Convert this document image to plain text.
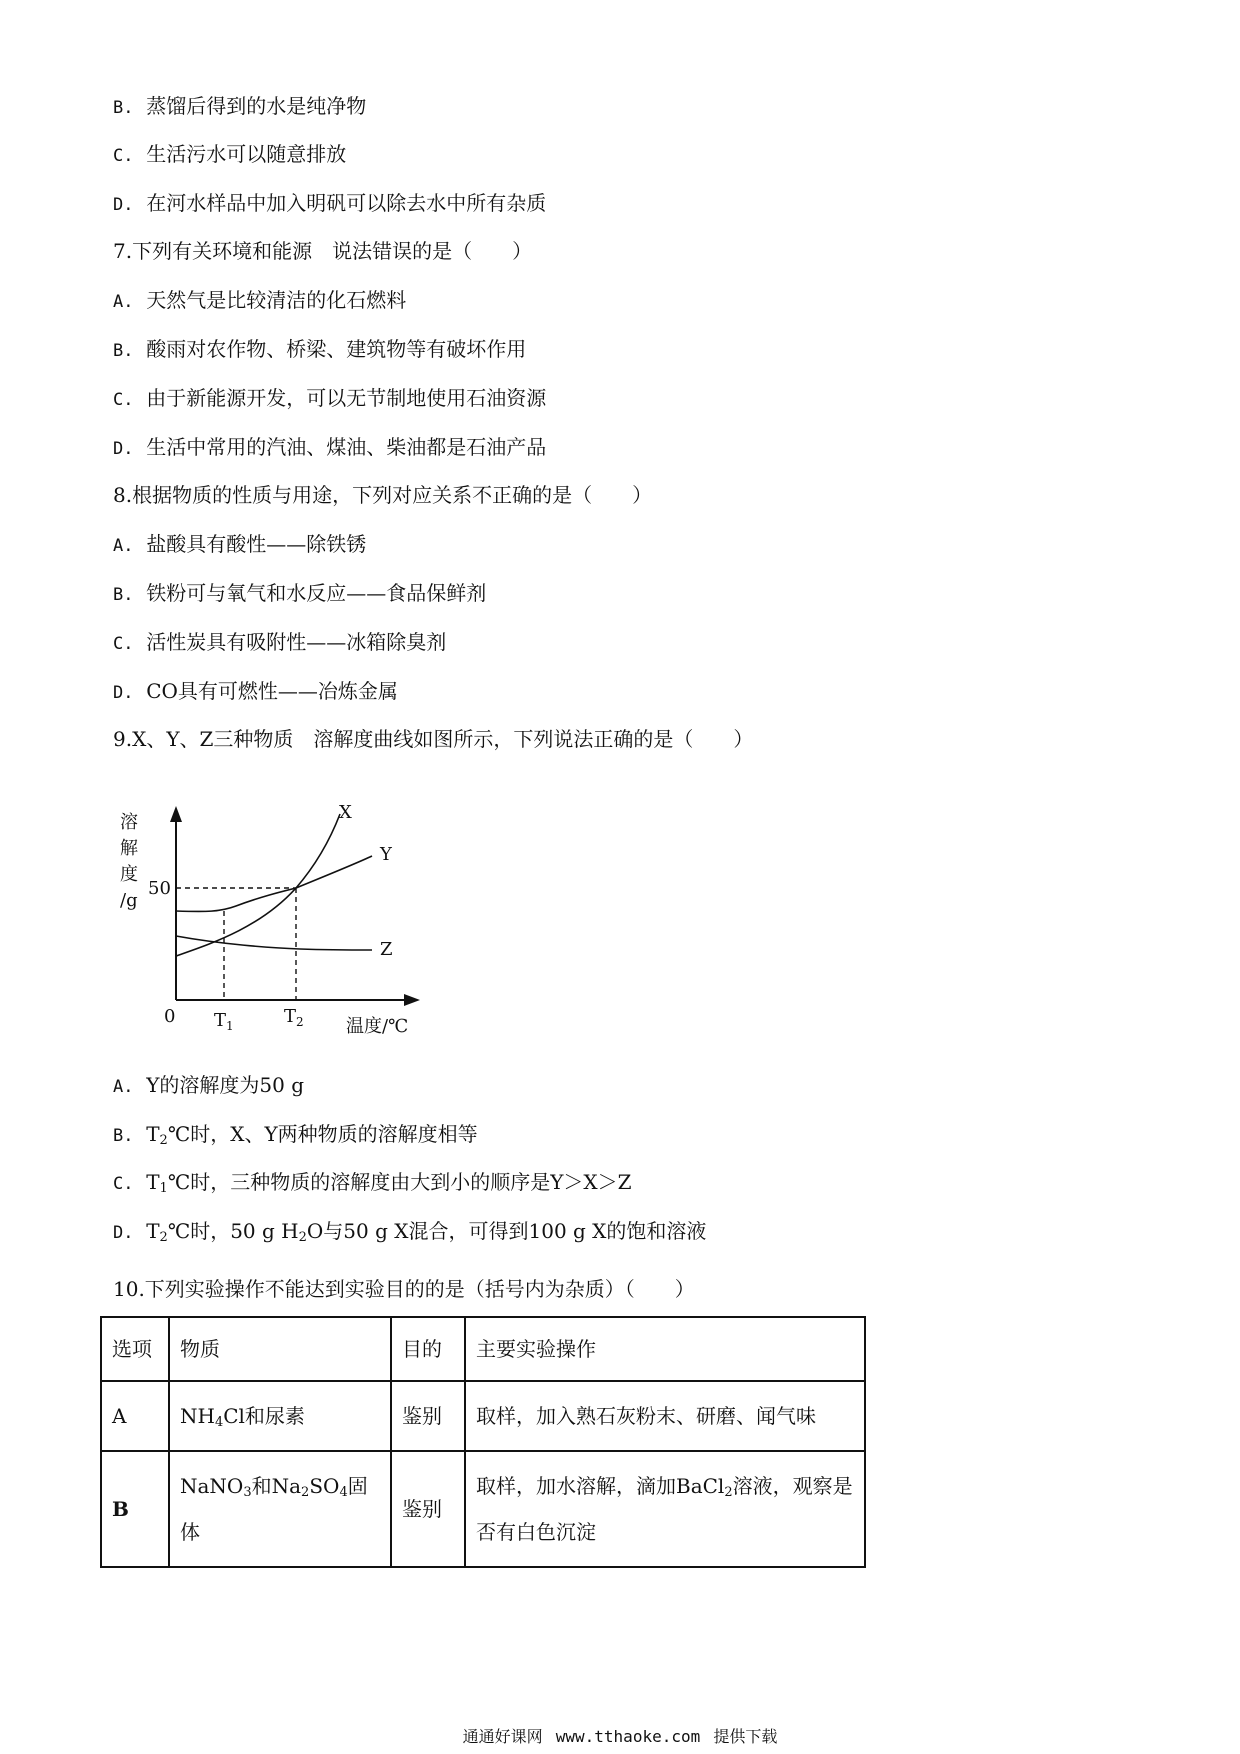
B. 蒸馏后得到的水是纯净物
C. 生活污水可以随意排放
D. 在河水样品中加入明矾可以除去水中所有杂质
7.下列有关环境和能源 说法错误的是（　　）
A. 天然气是比较清洁的化石燃料
B. 酸雨对农作物、桥梁、建筑物等有破坏作用
C. 由于新能源开发，可以无节制地使用石油资源
D. 生活中常用的汽油、煤油、柴油都是石油产品
8.根据物质的性质与用途，下列对应关系不正确的是（　　）
A. 盐酸具有酸性——除铁锈
B. 铁粉可与氧气和水反应——食品保鲜剂
C. 活性炭具有吸附性——冰箱除臭剂
D. CO具有可燃性——冶炼金属
9.X、Y、Z三种物质 溶解度曲线如图所示，下列说法正确的是（　　）
X
Y
Z
溶
解
度
/g
50
0 $T_1$	$T_2$ 温度/℃
A. Y的溶解度为50 g
B. $T_2℃$时，X、Y两种物质的溶解度相等
C. $T_1℃$时，三种物质的溶解度由大到小的顺序是Y＞X＞Z
D. $T_2℃$时，50 g $H_2O$与50 g X混合，可得到100 g X的饱和溶液
10.下列实验操作不能达到实验目的的是（括号内为杂质）（　　）
选项	物质	目的	主要实验操作
A	$NH_4Cl$和尿素	鉴别	取样，加入熟石灰粉末、研磨、闻气味
B	NaNO$_3$和$Na_2SO_4$固体	鉴别	取样，加水溶解，滴加BaCl$_2$溶液，观察是否有白色沉淀
通通好课网 www.tthaoke.com 提供下载
